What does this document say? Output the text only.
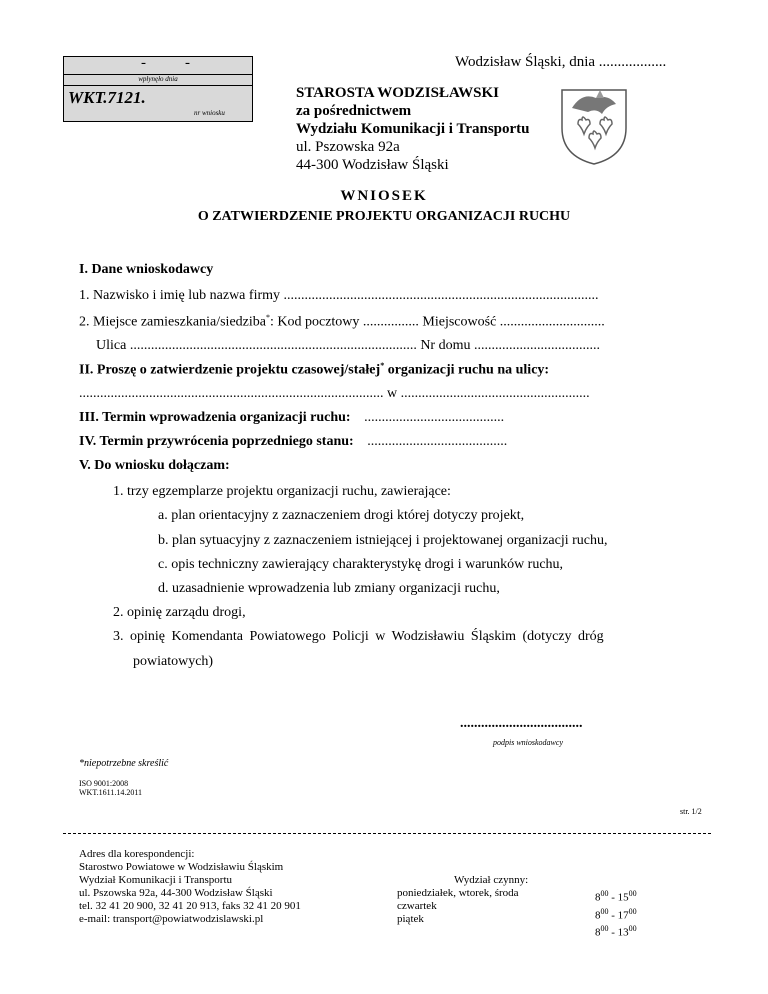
-	-
wpłynęło dnia
WKT.7121.
nr wniosku
Wodzisław Śląski, dnia ..................
STAROSTA WODZISŁAWSKI
za pośrednictwem
Wydziału Komunikacji i Transportu
ul. Pszowska 92a
44-300 Wodzisław Śląski
WNIOSEK
O ZATWIERDZENIE PROJEKTU ORGANIZACJI RUCHU
I. Dane wnioskodawcy
1. Nazwisko i imię lub nazwa firmy ..........................................................................................
2. Miejsce zamieszkania/siedziba*: Kod pocztowy ................ Miejscowość ..............................
Ulica .................................................................................. Nr domu ....................................
II. Proszę o zatwierdzenie projektu czasowej/stałej* organizacji ruchu na ulicy:
....................................................................................... w ......................................................
III. Termin wprowadzenia organizacji ruchu: ........................................
IV. Termin przywrócenia poprzedniego stanu: ........................................
V. Do wniosku dołączam:
1. trzy egzemplarze projektu organizacji ruchu, zawierające:
a. plan orientacyjny z zaznaczeniem drogi której dotyczy projekt,
b. plan sytuacyjny z zaznaczeniem istniejącej i projektowanej organizacji ruchu,
c. opis techniczny zawierający charakterystykę drogi i warunków ruchu,
d. uzasadnienie wprowadzenia lub zmiany organizacji ruchu,
2. opinię zarządu drogi,
3. opinię Komendanta Powiatowego Policji w Wodzisławiu Śląskim (dotyczy dróg
powiatowych)
...................................
podpis wnioskodawcy
*niepotrzebne skreślić
ISO 9001:2008
WKT.1611.14.2011
str. 1/2
Adres dla korespondencji:
Starostwo Powiatowe w Wodzisławiu Śląskim
Wydział Komunikacji i Transportu
ul. Pszowska 92a, 44-300 Wodzisław Śląski
tel. 32 41 20 900, 32 41 20 913, faks 32 41 20 901
e-mail: transport@powiatwodzislawski.pl
Wydział czynny:
poniedziałek, wtorek, środa
czwartek
piątek
$8^{00} - 15^{00}$
$8^{00} - 17^{00}$
$8^{00} - 13^{00}$
